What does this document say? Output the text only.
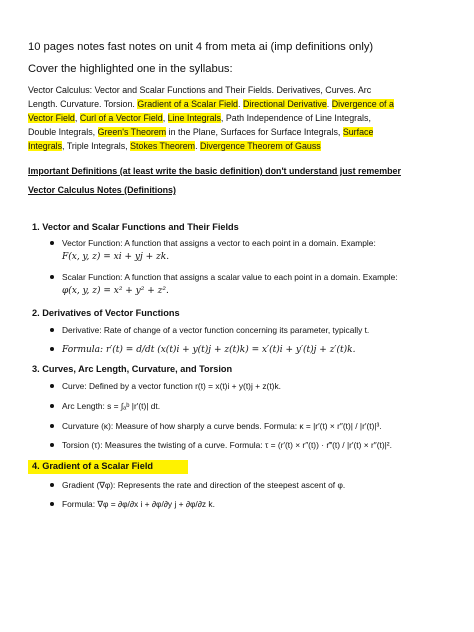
10 pages notes fast notes on unit 4 from meta ai (imp definitions only)
Cover the highlighted one in the syllabus:
Vector Calculus: Vector and Scalar Functions and Their Fields. Derivatives, Curves. Arc
Length. Curvature. Torsion. Gradient of a Scalar Field. Directional Derivative. Divergence of a
Vector Field, Curl of a Vector Field, Line Integrals, Path Independence of Line Integrals,
Double Integrals, Green's Theorem in the Plane, Surfaces for Surface Integrals, Surface
Integrals, Triple Integrals, Stokes Theorem. Divergence Theorem of Gauss
Important Definitions (at least write the basic definition) don't understand just remember
Vector Calculus Notes (Definitions)
1. Vector and Scalar Functions and Their Fields
Vector Function: A function that assigns a vector to each point in a domain. Example:
F(x, y, z) = xi + yj + zk.
Scalar Function: A function that assigns a scalar value to each point in a domain. Example:
φ(x, y, z) = x² + y² + z².
2. Derivatives of Vector Functions
Derivative: Rate of change of a vector function concerning its parameter, typically t.
Formula: r′(t) = d/dt (x(t)i + y(t)j + z(t)k) = x′(t)i + y′(t)j + z′(t)k.
3. Curves, Arc Length, Curvature, and Torsion
Curve: Defined by a vector function r(t) = x(t)i + y(t)j + z(t)k.
Arc Length: s = ∫ₐᵇ |r′(t)| dt.
Curvature (κ): Measure of how sharply a curve bends. Formula: κ = |r′(t) × r″(t)| / |r′(t)|³.
Torsion (τ): Measures the twisting of a curve. Formula: τ = (r′(t) × r″(t)) · r‴(t) / |r′(t) × r″(t)|².
4. Gradient of a Scalar Field
Gradient (∇φ): Represents the rate and direction of the steepest ascent of φ.
Formula: ∇φ = ∂φ/∂x i + ∂φ/∂y j + ∂φ/∂z k.
